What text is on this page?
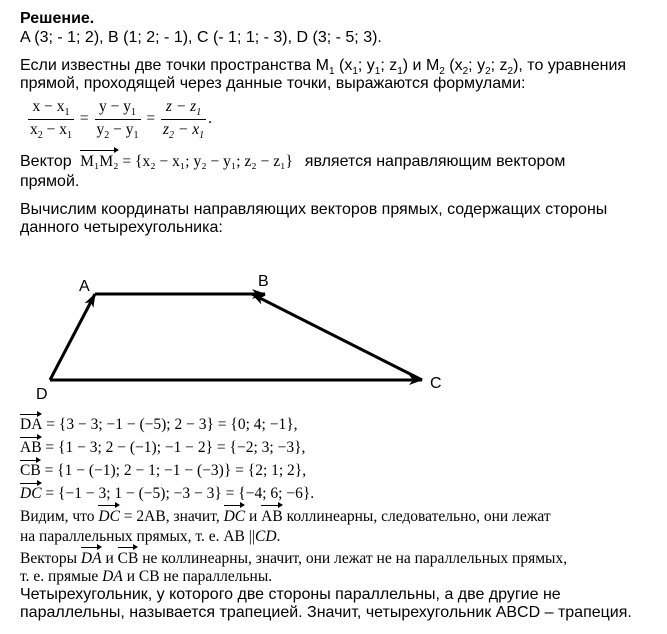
Решение.
A (3; - 1; 2), B (1; 2; - 1), C (- 1; 1; - 3), D (3; - 5; 3).
Если известны две точки пространства $М_1$ ($x_1$; $y_1$; $z_1$) и $М_2$ ($x_2$; $y_2$; $z_2$), то уравнения
прямой, проходящей через данные точки, выражаются формулами:
$\frac{x - x_1}{x_2 - x_1} = \frac{y - y_1}{y_2 - y_1} = \frac{z - z_1}{z_2 - x_1}$ .
Вектор M₁M₂ = {x₂ − x₁; y₂ − y₁; z₂ − z₁} является направляющим вектором
прямой.
Вычислим координаты направляющих векторов прямых, содержащих стороны
данного четырехугольника:
A	B
C
D
DA = {3 − 3; −1 − (−5); 2 − 3} = {0; 4; −1},
AB = {1 − 3; 2 − (−1); −1 − 2} = {−2; 3; −3},
CB = {1 − (−1); 2 − 1; −1 − (−3)} = {2; 1; 2},
DC = {−1 − 3; 1 − (−5); −3 − 3} = {−4; 6; −6}.
Видим, что DC = 2AB, значит, DC и AB коллинеарны, следовательно, они лежат
на параллельных прямых, т. е. AB ||CD.
Векторы DA и CB не коллинеарны, значит, они лежат не на параллельных прямых,
т. е. прямые DA и CB не параллельны.
Четырехугольник, у которого две стороны параллельны, а две другие не
параллельны, называется трапецией. Значит, четырехугольник ABCD – трапеция.
